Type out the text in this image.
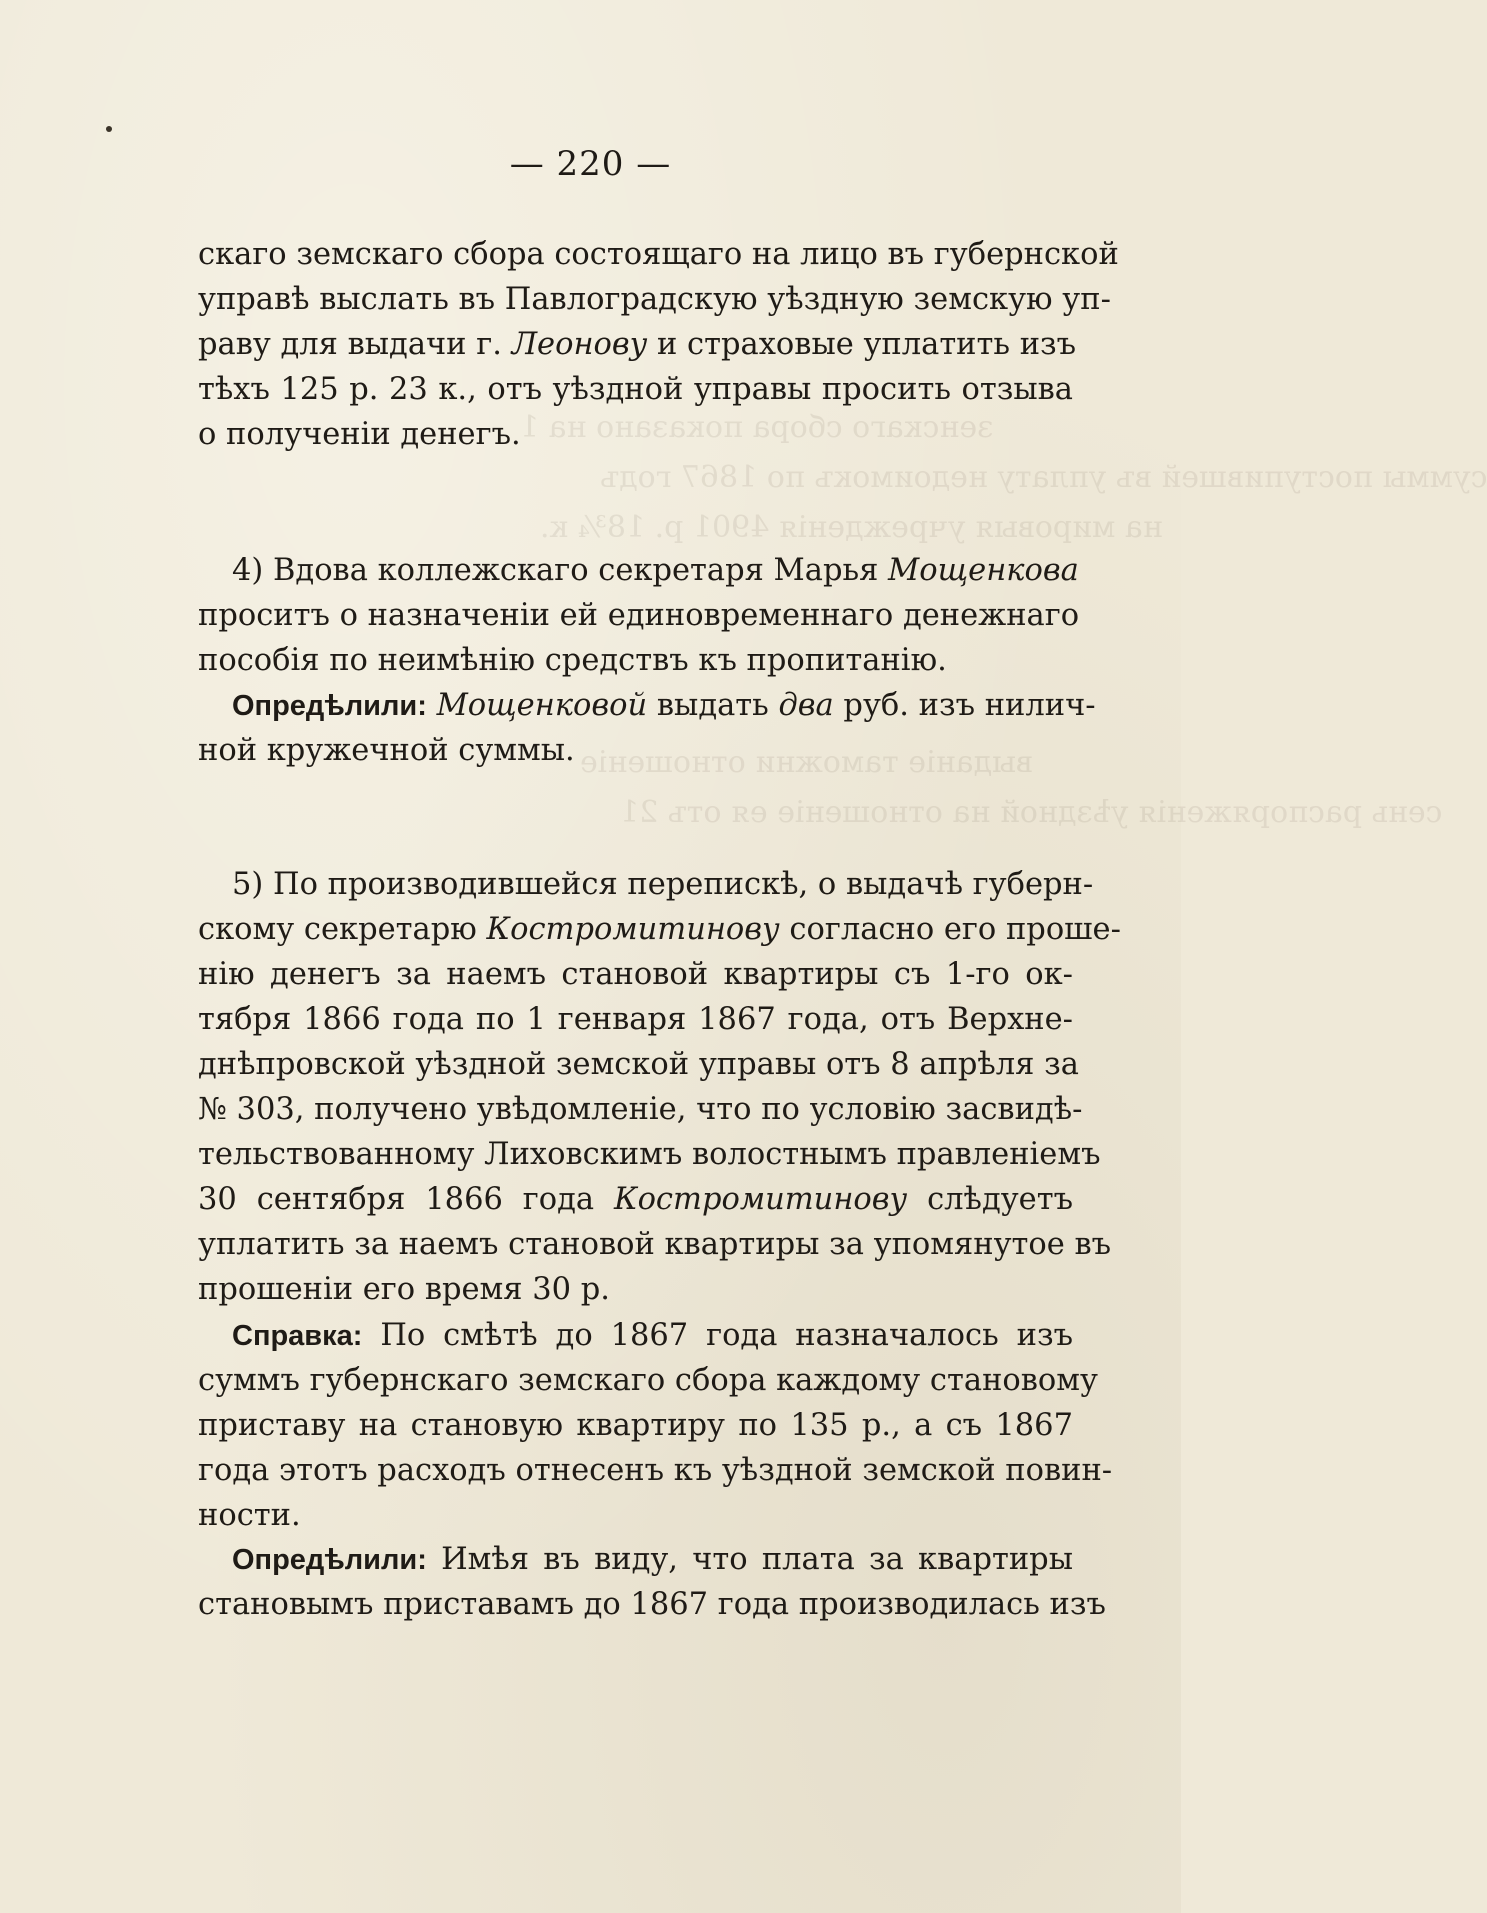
зенскаго сбора показано на 1
суммы поступившей въ уплату недоимокъ по 1867 годъ
на мировыя учрежденія 4901 р. 18¾ к.
выданіе таможни отношеніе
сень распоряженія уѣздной на отношеніе ея отъ 21
— 220 —
скаго земскаго сбора состоящаго на лицо въ губернской
управѣ выслать въ Павлоградскую уѣздную земскую уп-
раву для выдачи г. Леонову и страховые уплатить изъ
тѣхъ 125 р. 23 к., отъ уѣздной управы просить отзыва
о полученіи денегъ.
4) Вдова коллежскаго секретаря Марья Мощенкова
проситъ о назначеніи ей единовременнаго денежнаго
пособія по неимѣнію средствъ къ пропитанію.
Опредѣлили: Мощенковой выдать два руб. изъ нилич-
ной кружечной суммы.
5) По производившейся перепискѣ, о выдачѣ губерн-
скому секретарю Костромитинову согласно его проше-
нію денегъ за наемъ становой квартиры съ 1-го ок-
тября 1866 года по 1 генваря 1867 года, отъ Верхне-
днѣпровской уѣздной земской управы отъ 8 апрѣля за
№ 303, получено увѣдомленіе, что по условію засвидѣ-
тельствованному Лиховскимъ волостнымъ правленіемъ
30 сентября 1866 года Костромитинову слѣдуетъ
уплатить за наемъ становой квартиры за упомянутое въ
прошеніи его время 30 р.
Справка: По смѣтѣ до 1867 года назначалось изъ
суммъ губернскаго земскаго сбора каждому становому
приставу на становую квартиру по 135 р., а съ 1867
года этотъ расходъ отнесенъ къ уѣздной земской повин-
ности.
Опредѣлили: Имѣя въ виду, что плата за квартиры
становымъ приставамъ до 1867 года производилась изъ
